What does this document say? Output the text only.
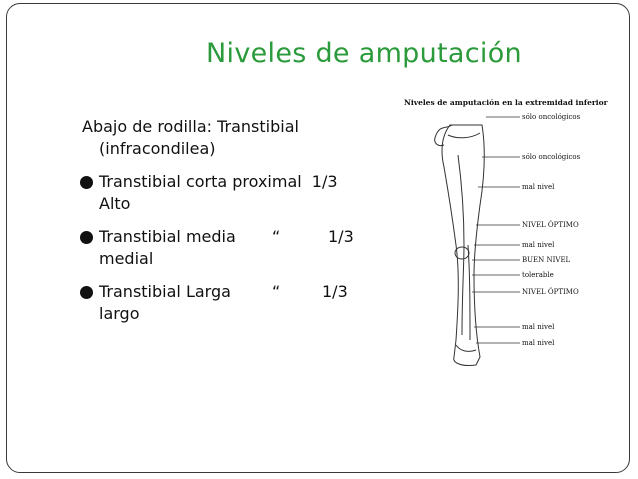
Niveles de amputación
Abajo de rodilla: Transtibial
(infracondilea)
Transtibial corta proximal 1/3
Alto
Transtibial media “	1/3
medial
Transtibial Larga	“	1/3
largo
Niveles de amputación en la extremidad inferior
sólo oncológicos
sólo oncológicos
mal nivel
NIVEL ÓPTIMO
mal nivel
BUEN NIVEL
tolerable
NIVEL ÓPTIMO
mal nivel
mal nivel
